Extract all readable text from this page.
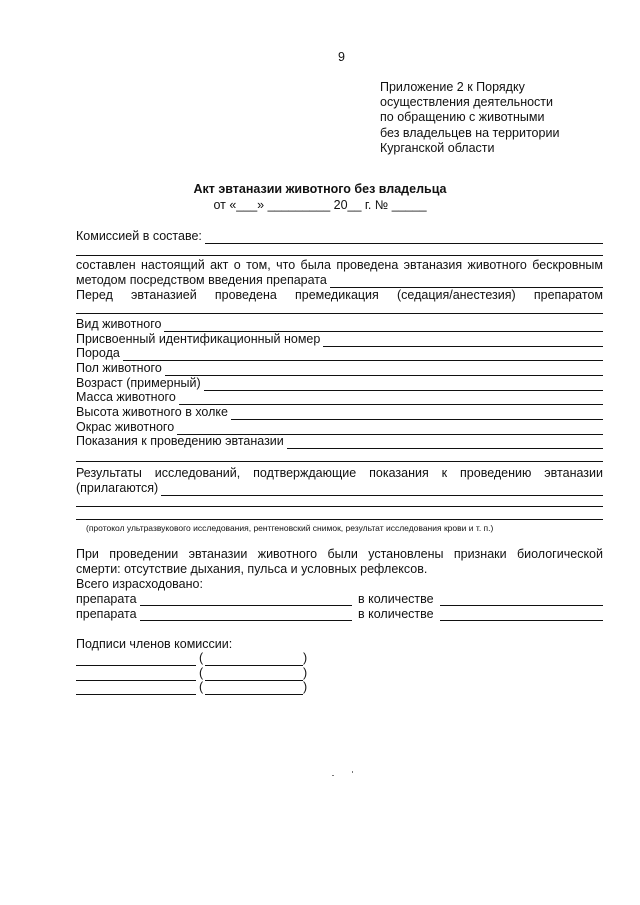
9
Приложение 2 к Порядку
осуществления деятельности
по обращению с животными
без владельцев на территории
Курганской области
Акт эвтаназии животного без владельца
от «___» _________ 20__ г. № _____
Комиссией в составе:
составлен настоящий акт о том, что была проведена эвтаназия животного бескровным
методом посредством введения препарата
Перед эвтаназией проведена премедикация (седация/анестезия) препаратом
Вид животного
Присвоенный идентификационный номер
Порода
Пол животного
Возраст (примерный)
Масса животного
Высота животного в холке
Окрас животного
Показания к проведению эвтаназии
Результаты исследований, подтверждающие показания к проведению эвтаназии
(прилагаются)
(протокол ультразвукового исследования, рентгеновский снимок, результат исследования крови и т. п.)
При проведении эвтаназии животного были установлены признаки биологической
смерти: отсутствие дыхания, пульса и условных рефлексов.
Всего израсходовано:
препарата	в количестве
препарата	в количестве
Подписи членов комиссии:
(	)
(	)
(	)
